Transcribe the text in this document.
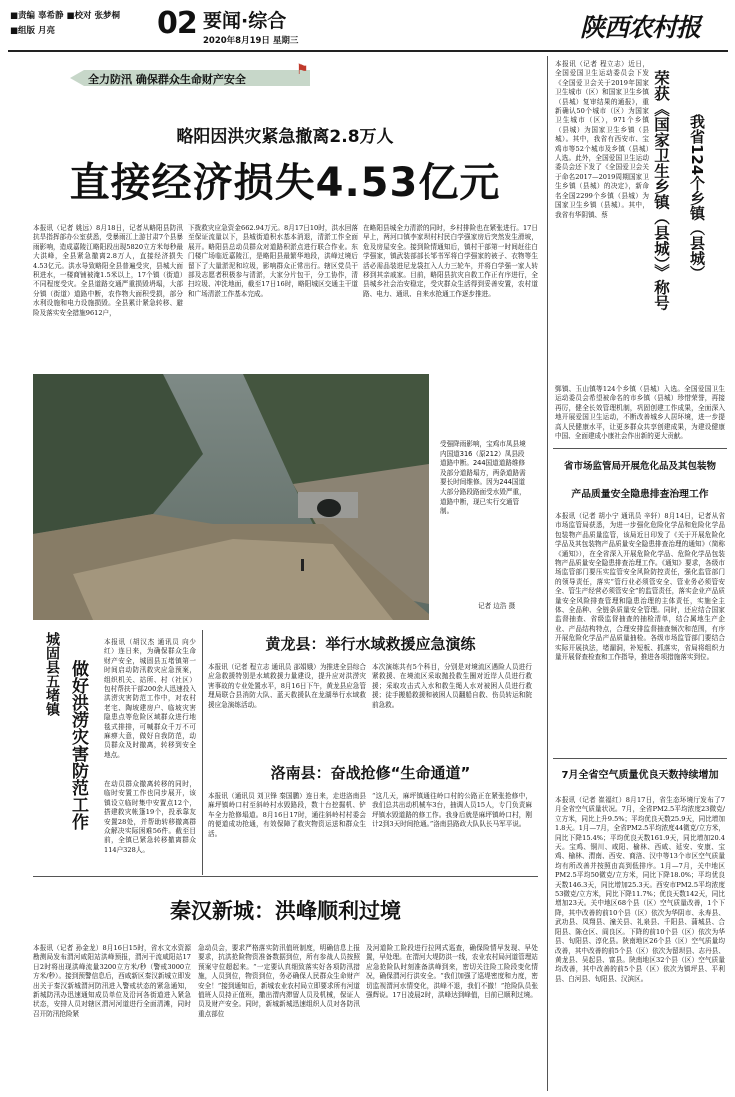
■责编 辜希静 ■校对 张梦桐
■组版 月亮	02 要闻·综合
2020年8月19日 星期三	陕西农村报
全力防汛 确保群众生命财产安全
⚑
略阳因洪灾紧急撤离2.8万人
直接经济损失4.53亿元
本报讯（记者 姚远）8月18日，记者从略阳县防汛抗旱指挥部办公室获悉，受暴雨江上游甘肃7个县暴雨影响，造成嘉陵江略阳段出现5820立方米每秒最大洪峰，全县紧急撤离2.8万人，直接经济损失4.53亿元。洪水导致略阳全县普遍受灾，县城大面积进水，一楼商铺被淹1.5米以上，17个镇（街道）不同程度受灾。全县道路交通严重损毁坍塌，大部分镇（街道）道路中断，农作物大面积受损，部分水利设施和电力设施损毁。全县累计紧急转移、避险及落实安全措施9612户，
下拨救灾应急资金662.94万元。8月17日10时，洪水回落至保证流量以下，县城街道积水基本消退，清淤工作全面展开。略阳县总动员群众对道路积淤点进行联合作业。东门楼广场临近嘉陵江，是略阳县最繁华地段，洪峰过境后留下了大量淤泥和垃圾，影响群众正常出行。辖区党员干部及志愿者积极参与清淤，大家分片包干，分工协作，清扫垃圾、冲洗地面，截至17日16时，略阳城区交通主干道和广场清淤工作基本完成。
在略阳县城全力清淤的同时，乡村排险也在紧张进行。17日早上，两河口镇李家坝村村民白学强家房后突然发生滑坡，危及房屋安全。接到险情通知后，镇村干部第一时间赶往白学强家，镇武装部部长邹书军将白学强家的被子、衣物等生活必需品装进尼龙袋扛入人力三轮车，并将白学强一家人转移到其亲戚家。目前，略阳县抗灾自救工作正有序进行，全县城乡社会治安稳定，受灾群众生活得到妥善安置，农村道路、电力、通讯、自来水抢通工作逐步推进。
受强降雨影响，宝鸡市凤县境内国道316（原212）凤县段道路中断。244国道道路维修及部分道路塌方，两条道路需要长时间维修。因为244国道大部分路段路面受水毁严重，道路中断，现已实行交通管制。
记者 边浩 摄
城固县五堵镇 做好洪涝灾害防范工作
本报讯（胡汉杰 通讯员 向少红）连日来，为确保群众生命财产安全，城固县五堵镇第一时间启动防汛救灾应急预案，组织机关、站所、村（社区）包村帮扶干部200余人迅速投入洪涝灾害防范工作中，对农村老宅、陶坡建房户、临坡灾害隐患点等危险区域群众进行地毯式排排，可喊群众千万不可麻痹大意，做好自我防范，动员群众及时撤离，转移到安全地点。
在动员群众撤离转移的同时，临时安置工作也同步展开，该镇设立临时集中安置点12个，搭建救灾帐篷19个，投承靠友安置28处，并帮助转移撤离群众解决实际困难56件。截至目前，全镇已紧急转移撤离群众114户328人。
黄龙县：举行水域救援应急演练
本报讯（记者 程立志 通讯员 邵娟娥）为推进全县综合应急救援特别是水域救援力量建设，提升应对洪涝灾害事故的专业处置水平，8月16日下午，黄龙县应急管理局联合县消防大队、蓝天救援队在龙湖举行水域救援应急演练活动。
本次演练共有5个科目，分别是对境流区遇险人员进行紧救援、在境流区采取抛投救生圈对近岸人员进行救援；采取攻击式入水和救生绳人水对被困人员进行救援；徒手搬船救援和被困人员翻船自救、伤员转运和院前急救。
洛南县：奋战抢修“生命通道”
本报讯（通讯员 刘卫锋 秦国鹏）连日来，走进洛南县麻坪镇岭口村至斜岭村水毁路段，数十台挖掘机、铲车全力抢修塌道。8月16日17时，通往斜岭村村委会的便道成功抢通，有效保障了救灾物资运送和群众生活。
“这几天，麻坪镇通往岭口村的公路正在紧张抢修中，我们总共出动机械车3台，抽调人员15人，专门负责麻坪镇水毁道路的修工作。我身后就是麻坪镇岭口村，刚计2到3天时间抢通。”洛南县路政大队队长马军平说。
秦汉新城：洪峰顺利过境
本报讯（记者 孙金龙）8月16日15时，省水文水资源勘测局发布渭河咸阳站洪峰预报，渭河干流咸阳站17日2时将出现洪峰流量3200立方米/秒（警戒3000立方米/秒）。接到预警信息后，西咸新区秦汉新城立即发出关于秦汉新城渭河防汛进入警戒状态的紧急通知，新城防汛办迅速通知成员单位及沿河各街道进入紧急状态，安排人员对辖区渭河河道进行全面清滩，同时召开防汛抢险紧
急动员会，要求严格落实防汛值班制度，明确信息上报要求，抗洪抢险物资准备数据到位，所有参战人员按照预案守位超起来。“一定要认真细致落实好各项防汛措施，人员到位，物资到位，务必确保人民群众生命财产安全！”接到通知后，新城农业农村局立即要求所有河道值班人员持正值班，撒出渭内滞留人员及机械，保证人员及财产安全。同时，新城新城迅速组织人员对各防汛重点部位
及河道险工险段进行拉网式巡查，确保险情早发现、早处置，早处理。在渭河大堤防洪一线，农业农村局河道管理站应急抢险队时刻准备洪峰到来，密切关注险工险段变化情况，确保渭河行洪安全。“我们加强了巡堤密度和力度，密切监视渭河水情变化，洪峰不退，我们不撤！”抢险队员张强辉说。17日凌晨2时，洪峰达到峰值，目前已顺利过境。
本报讯（记者 程立志）近日，全国爱国卫生运动委员会下发《全国爱卫会关于2019年国家卫生城市（区）和国家卫生乡镇（县城）复审结果的通报》，重新确认50个城市（区）为国家卫生城市（区），971个乡镇（县城）为国家卫生乡镇（县城）。其中，我省有西安市、宝鸡市等52个城市及乡镇（县城）人选。此外，全国爱国卫生运动委员会还下发了《全国爱卫会关于命名2017—2019周期国家卫生乡镇（县城）的决定》，新命名全国2299个乡镇（县城）为国家卫生乡镇（县城）。其中，我省有华阴镇、蔡	荣获《国家卫生乡镇（县城）》称号 我省124个乡镇（县城）
鄄镇、玉山镇等124个乡镇（县城）入选。全国爱国卫生运动委员会希望被命名的市乡镇（县城）珍惜荣誉，再接再厉，健全长效管理机制，巩固创建工作成果，全面深入地开展爱国卫生运动，不断改善城乡人居环境，进一步提高人民健康水平，让更多群众共享创建成果，为建设健康中国、全面建成小康社会作出新的更大贡献。
省市场监管局开展危化品及其包装物
产品质量安全隐患排查治理工作
本报讯（记者 胡小宁 通讯员 辛轩）8月14日，记者从省市场监管局获悉，为进一步强化危险化学品和危险化学品包装物产品质量监管，该局近日印发了《关于开展危险化学品及其包装物产品质量安全隐患排查治理的通知》（简称《通知》），在全省深入开展危险化学品、危险化学品包装物产品质量安全隐患排查治理工作。《通知》要求，各级市场监管部门要压实监管安全风险防控责任，强化监管部门的领导责任，落实“管行业必须管安全、管业务必须管安全、管生产经营必须管安全”的监管责任，落实企业产品质量安全风险排查管理和隐患治理的主体责任，实施全主体、全品种、全链条质量安全管理。同时，还应结合国家监督抽查、省级监督抽查的抽检清单，结合属地生产企业、产品结构特点，合理安排监督抽查频次和范围，有序开展危险化学品产品质量抽检。各级市场监管部门要结合实际开展执法，堵漏洞，补短板、抓落实，省局将组织力量开展督查检查和工作指导，推进各项措施落实到位。
7月全省空气质量优良天数持续增加
本报讯（记者 崔福红）8月17日，省生态环境厅发布了7月全省空气质量状况。7月，全省PM2.5平均浓度23微克/立方米，同比上升9.5%；平均优良天数25.9天，同比增加1.8天。1月—7月，全省PM2.5平均浓度44微克/立方米，同比下降15.4%；平均优良天数161.9天，同比增加20.4天。宝鸡、铜川、咸阳、榆林、西咸、延安、安康、宝鸡、榆林、渭南、西安、商洛、汉中等13个市区空气质量均有所改善并按照由高到低排序。1月—7月，关中地区PM2.5平均50微克/立方米，同比下降18.0%；平均优良天数146.3天，同比增加25.3天。西安市PM2.5平均浓度53微克/立方米，同比下降11.7%；优良天数142天，同比增加23天。关中地区68个县（区）空气质量改善，1个下降，其中改善的前10个县（区）依次为华阴市、永寿县、武功县、凤翔县、潼关县、礼泉县、千阳县、蒲城县、合阳县、陈仓区、阎良区。下降的前10个县（区）依次为华县、旬阳县、淳化县。陕南地区26个县（区）空气质量均改善，其中改善的前5个县（区）依次为留坝县、志丹县、黄龙县、吴起县、富县。陕南地区32个县（区）空气质量均改善，其中改善的前5个县（区）依次为镇坪县、平利县、白河县、旬阳县、汉滨区。
